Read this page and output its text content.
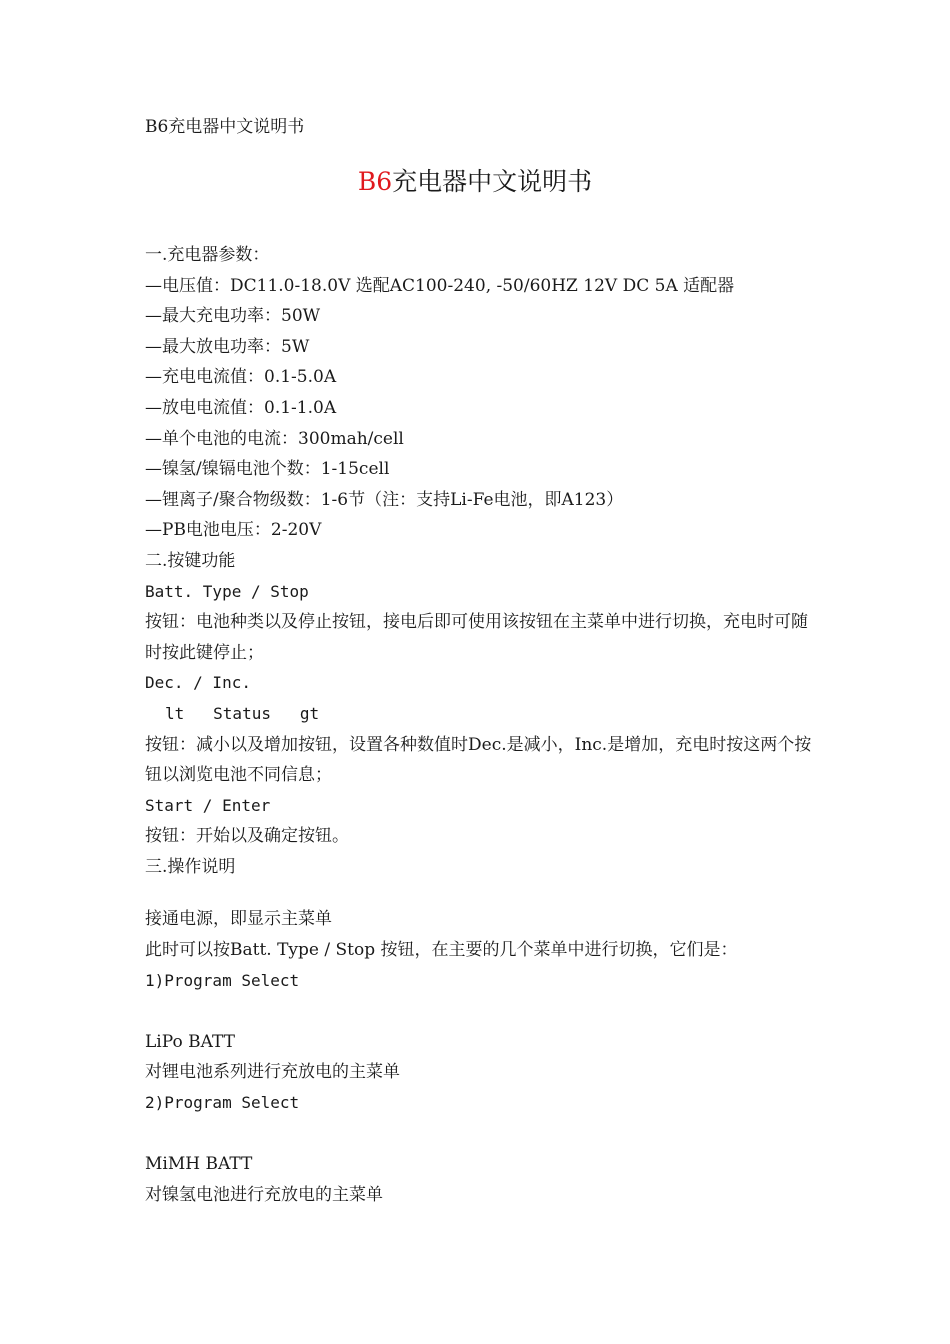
B6充电器中文说明书
B6充电器中文说明书
一.充电器参数：
—电压值：DC11.0-18.0V 选配AC100-240, -50/60HZ 12V DC 5A 适配器
—最大充电功率：50W
—最大放电功率：5W
—充电电流值：0.1-5.0A
—放电电流值：0.1-1.0A
—单个电池的电流：300mah/cell
—镍氢/镍镉电池个数：1-15cell
—锂离子/聚合物级数：1-6节（注：支持Li-Fe电池，即A123）
—PB电池电压：2-20V
二.按键功能
Batt. Type / Stop
按钮：电池种类以及停止按钮，接电后即可使用该按钮在主菜单中进行切换，充电时可随时按此键停止；
Dec. / Inc.
lt   Status   gt
按钮：减小以及增加按钮，设置各种数值时Dec.是减小，Inc.是增加，充电时按这两个按钮以浏览电池不同信息；
Start / Enter
按钮：开始以及确定按钮。
三.操作说明
接通电源，即显示主菜单
此时可以按Batt. Type / Stop 按钮，在主要的几个菜单中进行切换，它们是：
1)Program Select
LiPo BATT
对锂电池系列进行充放电的主菜单
2)Program Select
MiMH BATT
对镍氢电池进行充放电的主菜单
